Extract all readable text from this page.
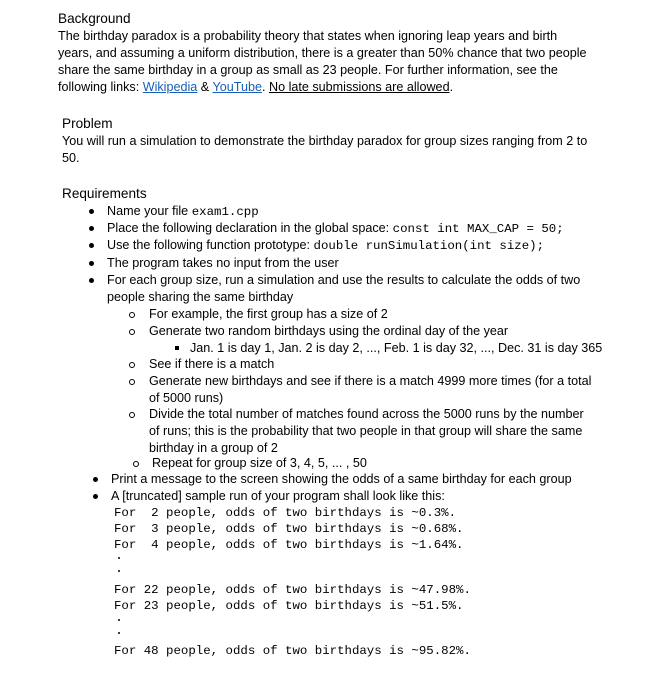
Background
The birthday paradox is a probability theory that states when ignoring leap years and birth
years, and assuming a uniform distribution, there is a greater than 50% chance that two people
share the same birthday in a group as small as 23 people. For further information, see the
following links: Wikipedia & YouTube. No late submissions are allowed.
Problem
You will run a simulation to demonstrate the birthday paradox for group sizes ranging from 2 to
50.
Requirements
Name your file exam1.cpp
Place the following declaration in the global space: const int MAX_CAP = 50;
Use the following function prototype: double runSimulation(int size);
The program takes no input from the user
For each group size, run a simulation and use the results to calculate the odds of two
people sharing the same birthday
For example, the first group has a size of 2
Generate two random birthdays using the ordinal day of the year
Jan. 1 is day 1, Jan. 2 is day 2, ..., Feb. 1 is day 32, ..., Dec. 31 is day 365
See if there is a match
Generate new birthdays and see if there is a match 4999 more times (for a total
of 5000 runs)
Divide the total number of matches found across the 5000 runs by the number
of runs; this is the probability that two people in that group will share the same
birthday in a group of 2
Repeat for group size of 3, 4, 5, ... , 50
Print a message to the screen showing the odds of a same birthday for each group
A [truncated] sample run of your program shall look like this:
For  2 people, odds of two birthdays is ~0.3%.
For  3 people, odds of two birthdays is ~0.68%.
For  4 people, odds of two birthdays is ~1.64%.
For 22 people, odds of two birthdays is ~47.98%.
For 23 people, odds of two birthdays is ~51.5%.
For 48 people, odds of two birthdays is ~95.82%.
